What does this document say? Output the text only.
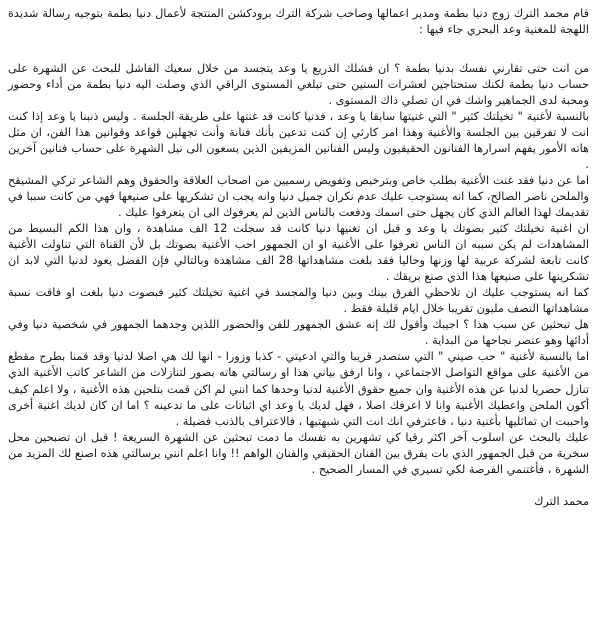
قام محمد الترك زوج دنيا بطمة ومدير اعمالها وصاحب شركة الترك برودكشن المنتجة لأعمال دنيا بطمة بتوجيه رسالة شديدة اللهجة للمغنية وعد البحري جاء فيها :

من انت حتى تقارني نفسك بدنيا بطمة ؟ ان فشلك الذريع يا وعد يتجسد من خلال سعيك الفاشل للبحث عن الشهرة على حساب دنيا بطمة لكنك ستحتاجين لعشرات السنين حتى تبلغي المستوى الراقي الذي وصلت اليه دنيا بطمة من أداء وحضور ومحبة لدى الجماهير واشك في ان تصلي ذاك المستوى .

بالنسبة لأغنية " تخيلتك كثير " التي غنيتها سابقا يا وعد ، فدنيا كانت قد غنتها على طريقة الجلسة . وليس ذنبنا يا وعد إذا كنت انت لا تفرقين بين الجلسة والأغنية وهذا امر كارثي إن كنت تدعين بأنك فنانة وأنت تجهلين قواعد وقوانين هذا الفن، ان مثل هاته الأمور يفهم اسرارها الفنانون الحقيقيون وليس الفنانين المزيفين الذين يسعون الى نيل الشهرة على حساب فنانين آخرين .

اما عن دنيا فقد غنت الأغنية بطلب خاص وبترخيص وتفويض رسميين من اصحاب العلاقة والحقوق وهم الشاعر تركي المشيقح والملحن ناصر الصالح، كما انه يستوجب عليك عدم نكران جميل دنيا وانه يجب ان تشكريها على صنيعها فهي من كانت سببا في تقديمك لهذا العالم الذي كان يجهل حتى اسمك ودفعت بالناس الذين لم يعرفوك الى ان يتعرفوا عليك .

ان اغنية تخيلتك كثير بصوتك يا وعد و قبل ان تغنيها دنيا كانت قد سجلت 12 الف مشاهدة ، وان هذا الكم البسيط من المشاهدات لم يكن سببه ان الناس تعرفوا على الأغنية او ان الجمهور احب الأغنية بصوتك بل لأن القناة التي تناولت الأغنية كانت تابعة لشركة عربية لها وزنها وحاليا فقد بلغت مشاهداتها 28 الف مشاهدة وبالتالي فإن الفضل يعود لدنيا التي لابد ان تشكرينها على صنيعها هذا الذي صنع بريقك .

كما انه يستوجب عليك ان تلاحظي الفرق بينك وبين دنيا والمجسد في اغنية تخيلتك كثير فبصوت دنيا بلغت او فاقت نسبة مشاهداتها النصف مليون تقريبا خلال ايام قليلة فقط .

هل تبحثين عن سبب هذا ؟ اجيبك وأقول لك إنه عشق الجمهور للفن والحضور اللذين وجدهما الجمهور في شخصية دنيا وفي أدائها وهو عنصر نجاحها من البداية .

اما بالنسبة لأغنية " حب صيني " التي ستصدر قريبا والتي ادعيتي - كذبا وزورا - انها لك هي اصلا لدنيا وقد قمنا بطرح مقطع من الأغنية على مواقع التواصل الاجتماعي ، وانا ارفق بياني هذا او رسالتي هاته بصور لتنازلات من الشاعر كاتب الأغنية الذي تنازل حصريا لدنيا عن هذه الأغنية وان جميع حقوق الأغنية لدنيا وحدها كما انني لم اكن قمت بتلحين هذه الأغنية ، ولا اعلم كيف أكون الملحن واعطيك الأغنية وانا لا اعرفك اصلا ، فهل لديك يا وعد اي اثباتات على ما تدعينه ؟ اما ان كان لديك اغنية أخرى واحببت ان تماثليها بأغنية دنيا ، فاعترفي انك انت التي شبهتيها ، فالاعتراف بالذنب فضيلة .

عليك بالبحث عن اسلوب آخر اكثر رقيا كي تشهرين به نفسك ما دمت تبحثين عن الشهرة السريعة ! قبل ان تصبحين محل سخرية من قبل الجمهور الذي بات يفرق بين الفنان الحقيقي والفنان الواهم !! وانا اعلم انني برسالتي هذه اصنع لك المزيد من الشهرة ، فأغتنمي الفرصة لكي تسيري في المسار الصحيح .

محمد الترك
